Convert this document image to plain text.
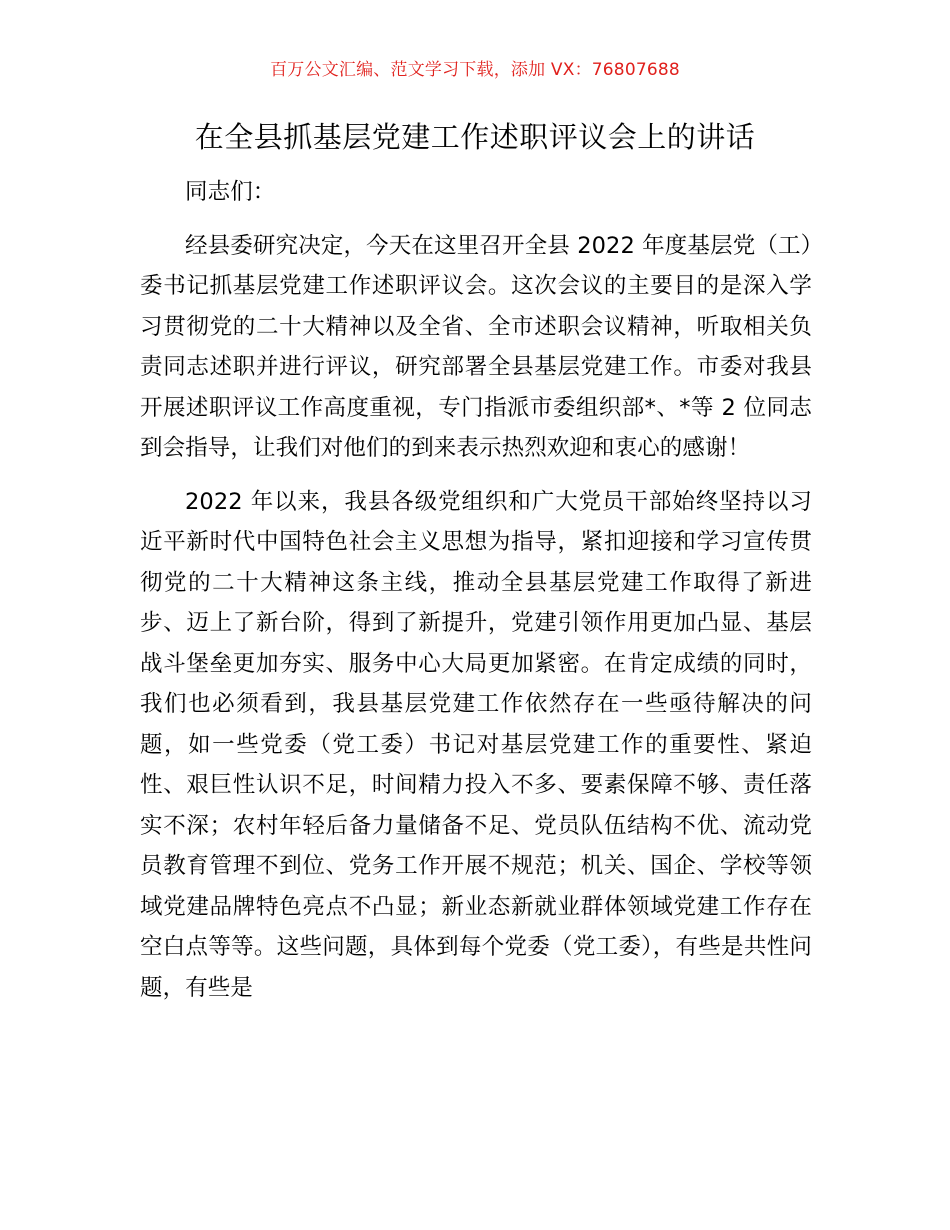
百万公文汇编、范文学习下载，添加 VX：76807688
在全县抓基层党建工作述职评议会上的讲话

同志们：

经县委研究决定，今天在这里召开全县 2022 年度基层党（工）委书记抓基层党建工作述职评议会。这次会议的主要目的是深入学习贯彻党的二十大精神以及全省、全市述职会议精神，听取相关负责同志述职并进行评议，研究部署全县基层党建工作。市委对我县开展述职评议工作高度重视，专门指派市委组织部*、*等 2 位同志到会指导，让我们对他们的到来表示热烈欢迎和衷心的感谢！

2022 年以来，我县各级党组织和广大党员干部始终坚持以习近平新时代中国特色社会主义思想为指导，紧扣迎接和学习宣传贯彻党的二十大精神这条主线，推动全县基层党建工作取得了新进步、迈上了新台阶，得到了新提升，党建引领作用更加凸显、基层战斗堡垒更加夯实、服务中心大局更加紧密。在肯定成绩的同时，我们也必须看到，我县基层党建工作依然存在一些亟待解决的问题，如一些党委（党工委）书记对基层党建工作的重要性、紧迫性、艰巨性认识不足，时间精力投入不多、要素保障不够、责任落实不深；农村年轻后备力量储备不足、党员队伍结构不优、流动党员教育管理不到位、党务工作开展不规范；机关、国企、学校等领域党建品牌特色亮点不凸显；新业态新就业群体领域党建工作存在空白点等等。这些问题，具体到每个党委（党工委），有些是共性问题，有些是
